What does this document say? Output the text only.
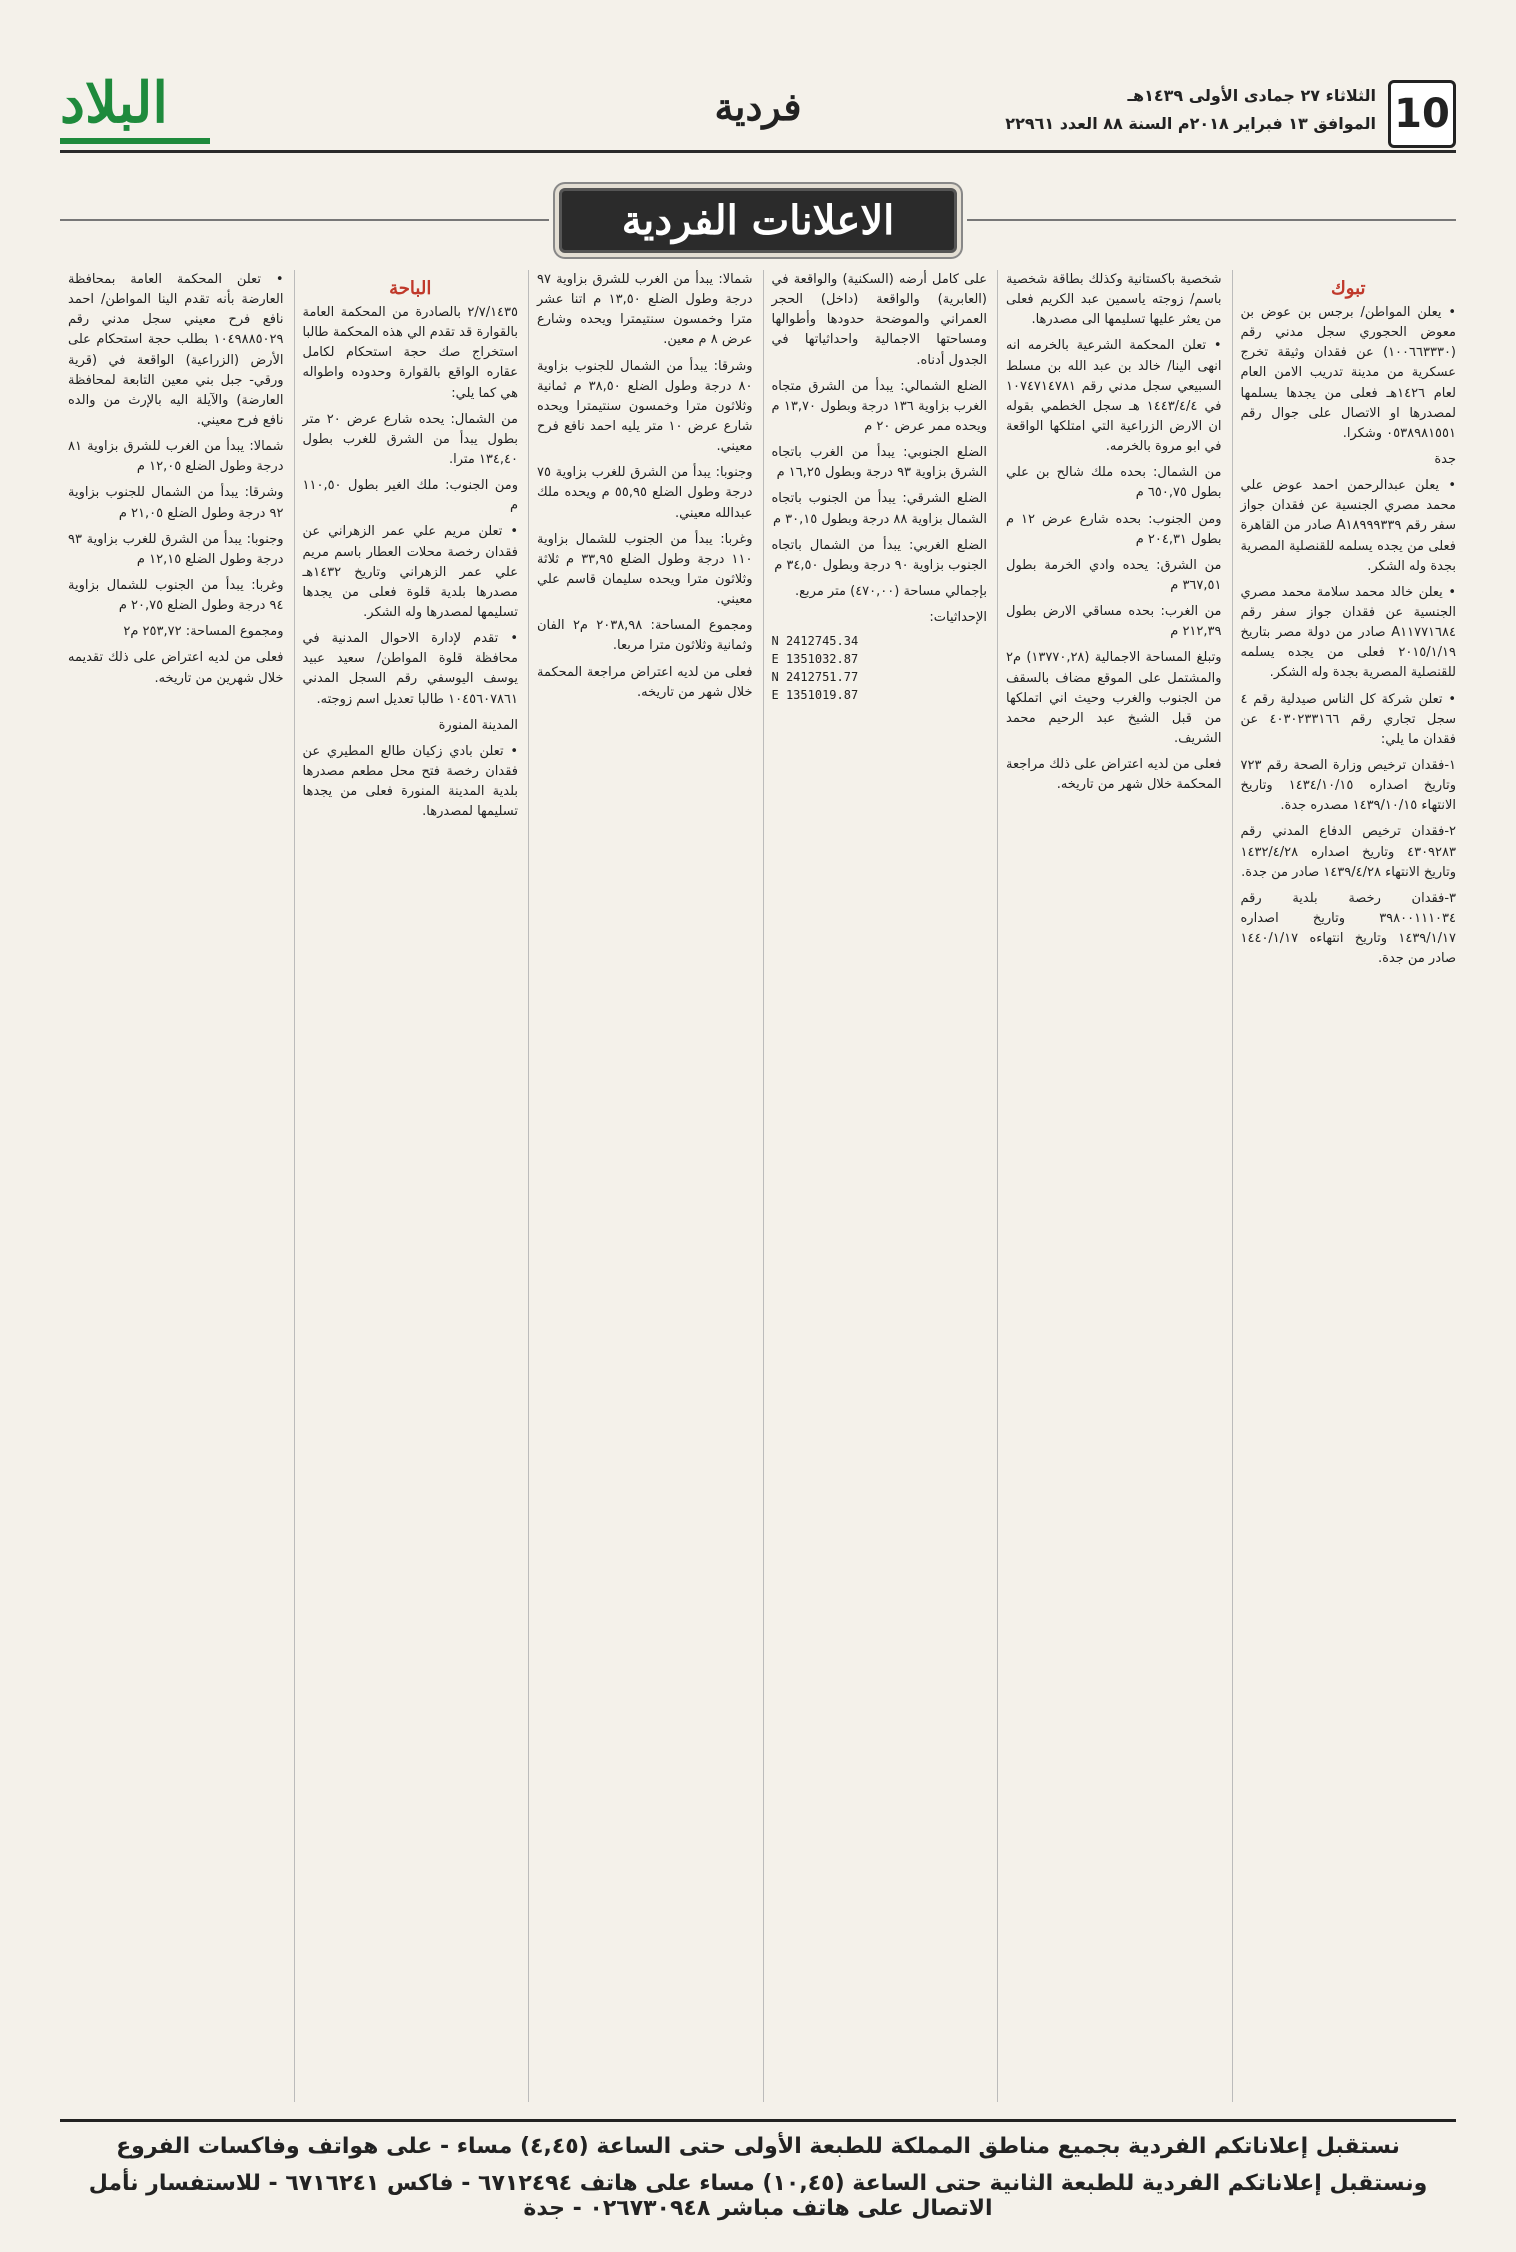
10
الثلاثاء ٢٧ جمادى الأولى ١٤٣٩هـ
الموافق ١٣ فبراير ٢٠١٨م السنة ٨٨ العدد ٢٢٩٦١
فردية
البلاد
الاعلانات الفردية
تبوك

• يعلن المواطن/ برجس بن عوض بن معوض الحجوري سجل مدني رقم (١٠٠٦٦٣٣٣٠) عن فقدان وثيقة تخرج عسكرية من مدينة تدريب الامن العام لعام ١٤٢٦هـ فعلى من يجدها يسلمها لمصدرها او الاتصال على جوال رقم ٠٥٣٨٩٨١٥٥١ وشكرا.

جدة

• يعلن عبدالرحمن احمد عوض علي محمد مصري الجنسية عن فقدان جواز سفر رقم A١٨٩٩٩٣٣٩ صادر من القاهرة فعلى من يجده يسلمه للقنصلية المصرية بجدة وله الشكر.

• يعلن خالد محمد سلامة محمد مصري الجنسية عن فقدان جواز سفر رقم A١١٧٧١٦٨٤ صادر من دولة مصر بتاريخ ٢٠١٥/١/١٩ فعلى من يجده يسلمه للقنصلية المصرية بجدة وله الشكر.

• تعلن شركة كل الناس صيدلية رقم ٤ سجل تجاري رقم ٤٠٣٠٢٣٣١٦٦ عن فقدان ما يلي:

١-فقدان ترخيص وزارة الصحة رقم ٧٢٣ وتاريخ اصداره ١٤٣٤/١٠/١٥ وتاريخ الانتهاء ١٤٣٩/١٠/١٥ مصدره جدة.

٢-فقدان ترخيص الدفاع المدني رقم ٤٣٠٩٢٨٣ وتاريخ اصداره ١٤٣٢/٤/٢٨ وتاريخ الانتهاء ١٤٣٩/٤/٢٨ صادر من جدة.

٣-فقدان رخصة بلدية رقم ٣٩٨٠٠١١١٠٣٤ وتاريخ اصداره ١٤٣٩/١/١٧ وتاريخ انتهاءه ١٤٤٠/١/١٧ صادر من جدة.

شخصية باكستانية وكذلك بطاقة شخصية باسم/ زوجته ياسمين عبد الكريم فعلى من يعثر عليها تسليمها الى مصدرها.

• تعلن المحكمة الشرعية بالخرمه انه انهى الينا/ خالد بن عبد الله بن مسلط السبيعي سجل مدني رقم ١٠٧٤٧١٤٧٨١ في ١٤٤٣/٤/٤ هـ سجل الخطمي بقوله ان الارض الزراعية التي امتلكها الواقعة في ابو مروة بالخرمه.

من الشمال: بحده ملك شالح بن علي بطول ٦٥٠,٧٥ م

ومن الجنوب: بحده شارع عرض ١٢ م بطول ٢٠٤,٣١ م

من الشرق: يحده وادي الخرمة بطول ٣٦٧,٥١ م

من الغرب: بحده مساقي الارض بطول ٢١٢,٣٩ م

وتبلغ المساحة الاجمالية (١٣٧٧٠,٢٨) م٢ والمشتمل على الموقع مضاف بالسقف من الجنوب والغرب وحيث اني اتملكها من قبل الشيخ عبد الرحيم محمد الشريف.

فعلى من لديه اعتراض على ذلك مراجعة المحكمة خلال شهر من تاريخه.

على كامل أرضه (السكنية) والواقعة في (العابرية) والواقعة (داخل) الحجر العمراني والموضحة حدودها وأطوالها ومساحتها الاجمالية واحداثياتها في الجدول أدناه.

الضلع الشمالي: يبدأ من الشرق متجاه الغرب بزاوية ١٣٦ درجة وبطول ١٣,٧٠ م ويحده ممر عرض ٢٠ م

الضلع الجنوبي: يبدأ من الغرب باتجاه الشرق بزاوية ٩٣ درجة وبطول ١٦,٢٥ م

الضلع الشرقي: يبدأ من الجنوب باتجاه الشمال بزاوية ٨٨ درجة وبطول ٣٠,١٥ م

الضلع الغربي: يبدأ من الشمال باتجاه الجنوب بزاوية ٩٠ درجة وبطول ٣٤,٥٠ م

بإجمالي مساحة (٤٧٠,٠٠) متر مربع.

الإحداثيات:

N 2412745.34
E 1351032.87
N 2412751.77
E 1351019.87

شمالا: يبدأ من الغرب للشرق بزاوية ٩٧ درجة وطول الضلع ١٣,٥٠ م اتنا عشر مترا وخمسون سنتيمترا ويحده وشارع عرض ٨ م معين.

وشرقا: يبدأ من الشمال للجنوب بزاوية ٨٠ درجة وطول الضلع ٣٨,٥٠ م ثمانية وثلاثون مترا وخمسون سنتيمترا ويحده شارع عرض ١٠ متر يليه احمد نافع فرح معيني.

وجنوبا: يبدأ من الشرق للغرب بزاوية ٧٥ درجة وطول الضلع ٥٥,٩٥ م ويحده ملك عبدالله معيني.

وغربا: يبدأ من الجنوب للشمال بزاوية ١١٠ درجة وطول الضلع ٣٣,٩٥ م ثلاثة وثلاثون مترا ويحده سليمان قاسم علي معيني.

ومجموع المساحة: ٢٠٣٨,٩٨ م٢ الفان وثمانية وثلاثون مترا مربعا.

فعلى من لديه اعتراض مراجعة المحكمة خلال شهر من تاريخه.

الباحة

٢/٧/١٤٣٥ بالصادرة من المحكمة العامة بالقوارة قد تقدم الي هذه المحكمة طالبا استخراج صك حجة استحكام لكامل عقاره الواقع بالقوارة وحدوده واطواله هي كما يلي:

من الشمال: يحده شارع عرض ٢٠ متر بطول يبدأ من الشرق للغرب بطول ١٣٤,٤٠ مترا.

ومن الجنوب: ملك الغير بطول ١١٠,٥٠ م

• تعلن مريم علي عمر الزهراني عن فقدان رخصة محلات العطار باسم مريم علي عمر الزهراني وتاريخ ١٤٣٢هـ مصدرها بلدية قلوة فعلى من يجدها تسليمها لمصدرها وله الشكر.

• تقدم لإدارة الاحوال المدنية في محافظة قلوة المواطن/ سعيد عبيد يوسف اليوسفي رقم السجل المدني ١٠٤٥٦٠٧٨٦١ طالبا تعديل اسم زوجته.

المدينة المنورة

• تعلن بادي زكيان طالع المطيري عن فقدان رخصة فتح محل مطعم مصدرها بلدية المدينة المنورة فعلى من يجدها تسليمها لمصدرها.

• تعلن المحكمة العامة بمحافظة العارضة بأنه تقدم الينا المواطن/ احمد نافع فرح معيني سجل مدني رقم ١٠٤٩٨٨٥٠٢٩ بطلب حجة استحكام على الأرض (الزراعية) الواقعة في (قرية ورقي- جبل بني معين التابعة لمحافظة العارضة) والآيلة اليه بالإرث من والده نافع فرح معيني.

شمالا: يبدأ من الغرب للشرق بزاوية ٨١ درجة وطول الضلع ١٢,٠٥ م

وشرقا: يبدأ من الشمال للجنوب بزاوية ٩٢ درجة وطول الضلع ٢١,٠٥ م

وجنوبا: يبدأ من الشرق للغرب بزاوية ٩٣ درجة وطول الضلع ١٢,١٥ م

وغربا: يبدأ من الجنوب للشمال بزاوية ٩٤ درجة وطول الضلع ٢٠,٧٥ م

ومجموع المساحة: ٢٥٣,٧٢ م٢

فعلى من لديه اعتراض على ذلك تقديمه خلال شهرين من تاريخه.

نستقبل إعلاناتكم الفردية بجميع مناطق المملكة للطبعة الأولى حتى الساعة (٤,٤٥) مساء - على هواتف وفاكسات الفروع
ونستقبل إعلاناتكم الفردية للطبعة الثانية حتى الساعة (١٠,٤٥) مساء على هاتف ٦٧١٢٤٩٤ - فاكس ٦٧١٦٢٤١ - للاستفسار نأمل الاتصال على هاتف مباشر ٠٢٦٧٣٠٩٤٨ - جدة
